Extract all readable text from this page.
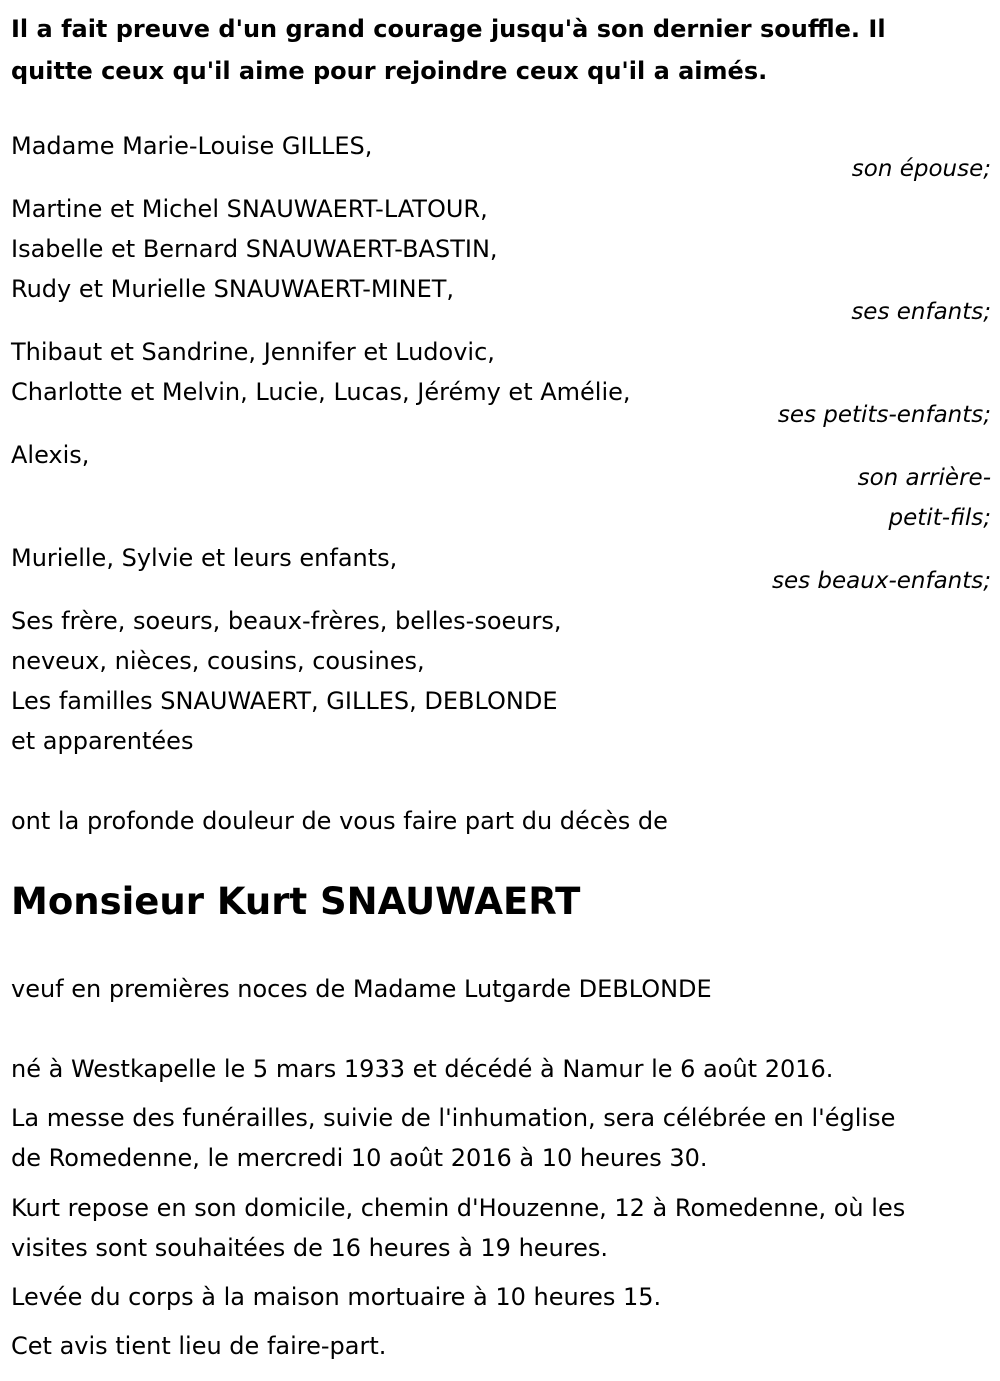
Il a fait preuve d'un grand courage jusqu'à son dernier souffle. Il
quitte ceux qu'il aime pour rejoindre ceux qu'il a aimés.
Madame Marie-Louise GILLES,
son épouse;
Martine et Michel SNAUWAERT-LATOUR,
Isabelle et Bernard SNAUWAERT-BASTIN,
Rudy et Murielle SNAUWAERT-MINET,
ses enfants;
Thibaut et Sandrine, Jennifer et Ludovic,
Charlotte et Melvin, Lucie, Lucas, Jérémy et Amélie,
ses petits-enfants;
Alexis,
son arrière-
petit-fils;
Murielle, Sylvie et leurs enfants,
ses beaux-enfants;
Ses frère, soeurs, beaux-frères, belles-soeurs,
neveux, nièces, cousins, cousines,
Les familles SNAUWAERT, GILLES, DEBLONDE
et apparentées
ont la profonde douleur de vous faire part du décès de
Monsieur Kurt SNAUWAERT
veuf en premières noces de Madame Lutgarde DEBLONDE
né à Westkapelle le 5 mars 1933 et décédé à Namur le 6 août 2016.
La messe des funérailles, suivie de l'inhumation, sera célébrée en l'église
de Romedenne, le mercredi 10 août 2016 à 10 heures 30.
Kurt repose en son domicile, chemin d'Houzenne, 12 à Romedenne, où les
visites sont souhaitées de 16 heures à 19 heures.
Levée du corps à la maison mortuaire à 10 heures 15.
Cet avis tient lieu de faire-part.
